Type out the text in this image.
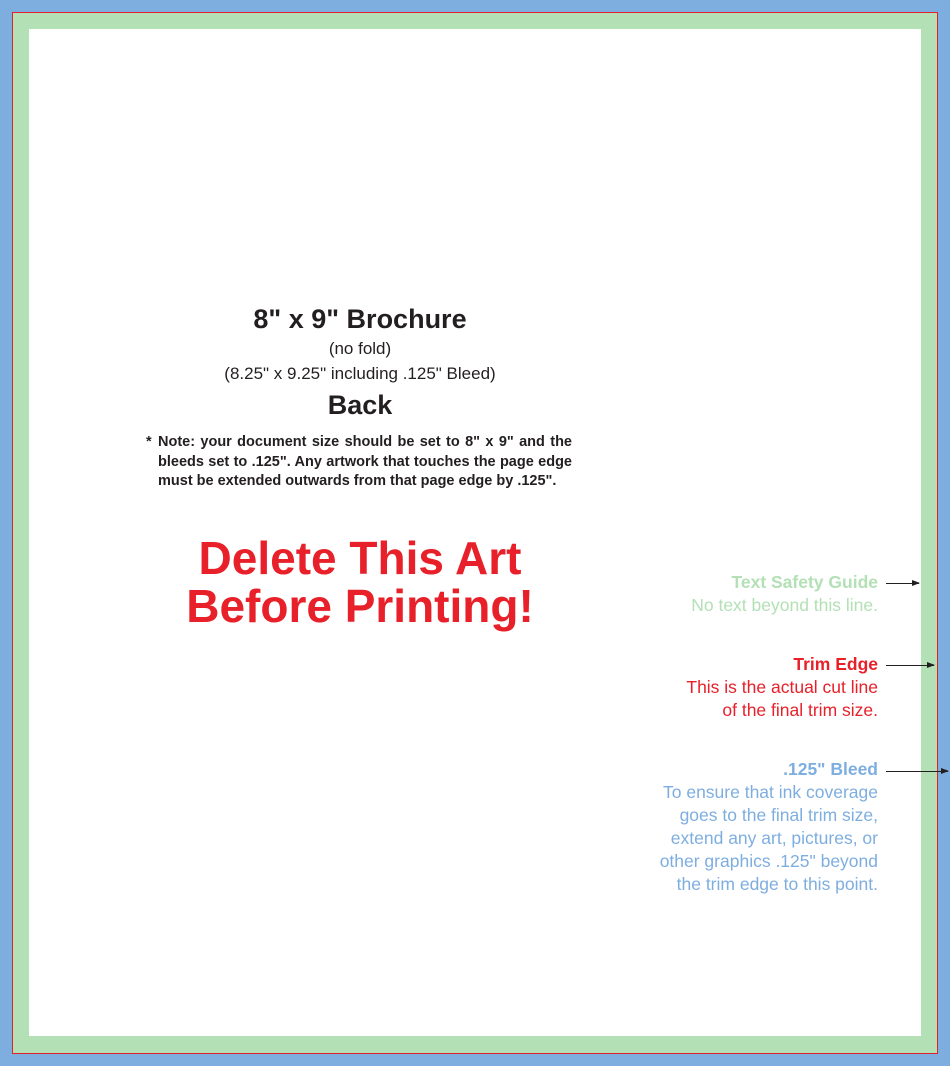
8" x 9" Brochure
(no fold)
(8.25" x 9.25" including .125" Bleed)
Back
* Note: your document size should be set to 8" x 9" and the bleeds set to .125". Any artwork that touches the page edge must be extended outwards from that page edge by .125".
Delete This Art
Before Printing!	Text Safety Guide
No text beyond this line.
Trim Edge
This is the actual cut line
of the final trim size.
.125" Bleed
To ensure that ink coverage
goes to the final trim size,
extend any art, pictures, or
other graphics .125" beyond
the trim edge to this point.
